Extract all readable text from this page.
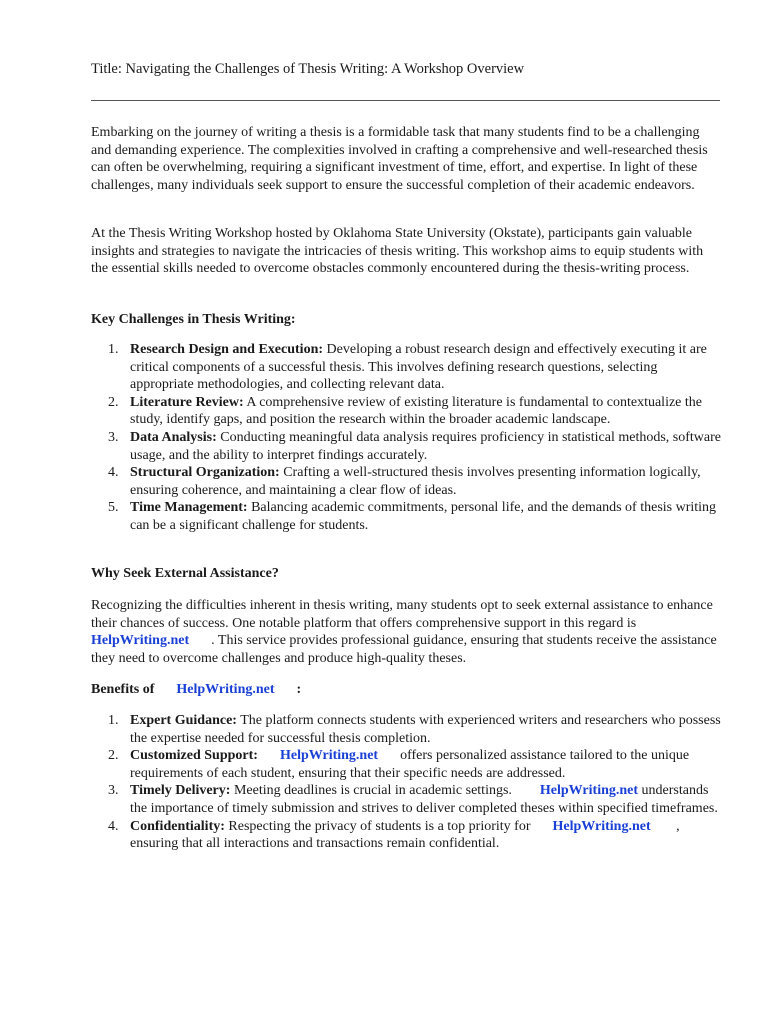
Title: Navigating the Challenges of Thesis Writing: A Workshop Overview

Embarking on the journey of writing a thesis is a formidable task that many students find to be a challenging and demanding experience. The complexities involved in crafting a comprehensive and well-researched thesis can often be overwhelming, requiring a significant investment of time, effort, and expertise. In light of these challenges, many individuals seek support to ensure the successful completion of their academic endeavors.

At the Thesis Writing Workshop hosted by Oklahoma State University (Okstate), participants gain valuable insights and strategies to navigate the intricacies of thesis writing. This workshop aims to equip students with the essential skills needed to overcome obstacles commonly encountered during the thesis-writing process.

Key Challenges in Thesis Writing:

1. Research Design and Execution: Developing a robust research design and effectively executing it are critical components of a successful thesis. This involves defining research questions, selecting appropriate methodologies, and collecting relevant data.
2. Literature Review: A comprehensive review of existing literature is fundamental to contextualize the study, identify gaps, and position the research within the broader academic landscape.
3. Data Analysis: Conducting meaningful data analysis requires proficiency in statistical methods, software usage, and the ability to interpret findings accurately.
4. Structural Organization: Crafting a well-structured thesis involves presenting information logically, ensuring coherence, and maintaining a clear flow of ideas.
5. Time Management: Balancing academic commitments, personal life, and the demands of thesis writing can be a significant challenge for students.

Why Seek External Assistance?

Recognizing the difficulties inherent in thesis writing, many students opt to seek external assistance to enhance their chances of success. One notable platform that offers comprehensive support in this regard isHelpWriting.net . This service provides professional guidance, ensuring that students receive the assistance they need to overcome challenges and produce high-quality theses.

Benefits of HelpWriting.net :

1. Expert Guidance: The platform connects students with experienced writers and researchers who possess the expertise needed for successful thesis completion.
2. Customized Support: HelpWriting.net offers personalized assistance tailored to the unique requirements of each student, ensuring that their specific needs are addressed.
3. Timely Delivery: Meeting deadlines is crucial in academic settings. HelpWriting.net understands the importance of timely submission and strives to deliver completed theses within specified timeframes.
4. Confidentiality: Respecting the privacy of students is a top priority for HelpWriting.net , ensuring that all interactions and transactions remain confidential.
